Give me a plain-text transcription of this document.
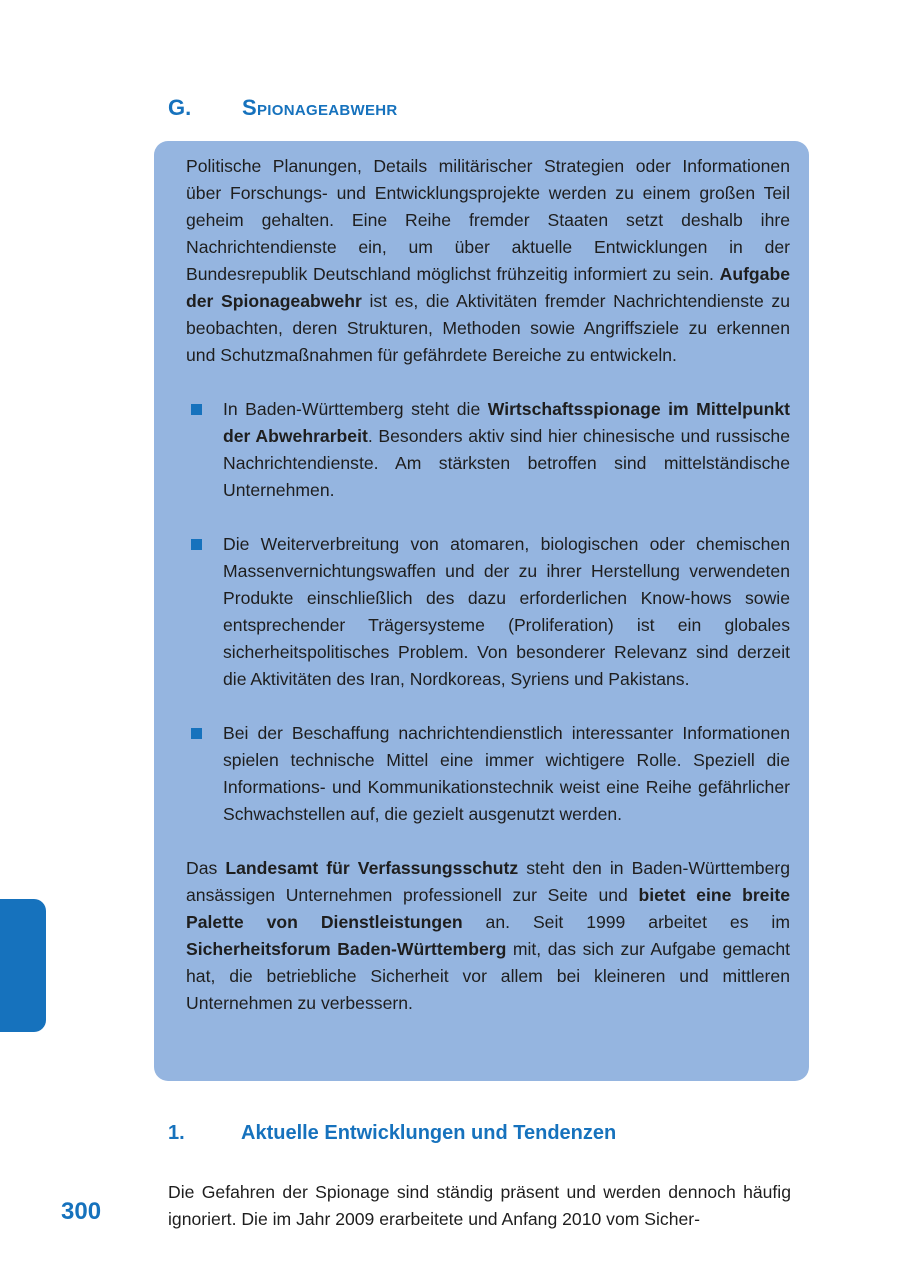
G.	Spionageabwehr

Politische Planungen, Details militärischer Strategien oder Informationen über Forschungs- und Entwicklungsprojekte werden zu einem großen Teil geheim gehalten. Eine Reihe fremder Staaten setzt deshalb ihre Nachrichtendienste ein, um über aktuelle Entwicklungen in der Bundesrepublik Deutschland möglichst frühzeitig informiert zu sein. Aufgabe der Spionageabwehr ist es, die Aktivitäten fremder Nachrichtendienste zu beobachten, deren Strukturen, Methoden sowie Angriffsziele zu erkennen und Schutzmaßnahmen für gefährdete Bereiche zu entwickeln.

In Baden-Württemberg steht die Wirtschaftsspionage im Mittelpunkt der Abwehrarbeit. Besonders aktiv sind hier chinesische und russische Nachrichtendienste. Am stärksten betroffen sind mittelständische Unternehmen.
Die Weiterverbreitung von atomaren, biologischen oder chemischen Massenvernichtungswaffen und der zu ihrer Herstellung verwendeten Produkte einschließlich des dazu erforderlichen Know-hows sowie entsprechender Trägersysteme (Proliferation) ist ein globales sicherheitspolitisches Problem. Von besonderer Relevanz sind derzeit die Aktivitäten des Iran, Nordkoreas, Syriens und Pakistans.
Bei der Beschaffung nachrichtendienstlich interessanter Informationen spielen technische Mittel eine immer wichtigere Rolle. Speziell die Informations- und Kommunikationstechnik weist eine Reihe gefährlicher Schwachstellen auf, die gezielt ausgenutzt werden.

Das Landesamt für Verfassungsschutz steht den in Baden-Württemberg ansässigen Unternehmen professionell zur Seite und bietet eine breite Palette von Dienstleistungen an. Seit 1999 arbeitet es im Sicherheitsforum Baden-Württemberg mit, das sich zur Aufgabe gemacht hat, die betriebliche Sicherheit vor allem bei kleineren und mittleren Unternehmen zu verbessern.

1.	Aktuelle Entwicklungen und Tendenzen

Die Gefahren der Spionage sind ständig präsent und werden dennoch häufig ignoriert. Die im Jahr 2009 erarbeitete und Anfang 2010 vom Sicher-

300
